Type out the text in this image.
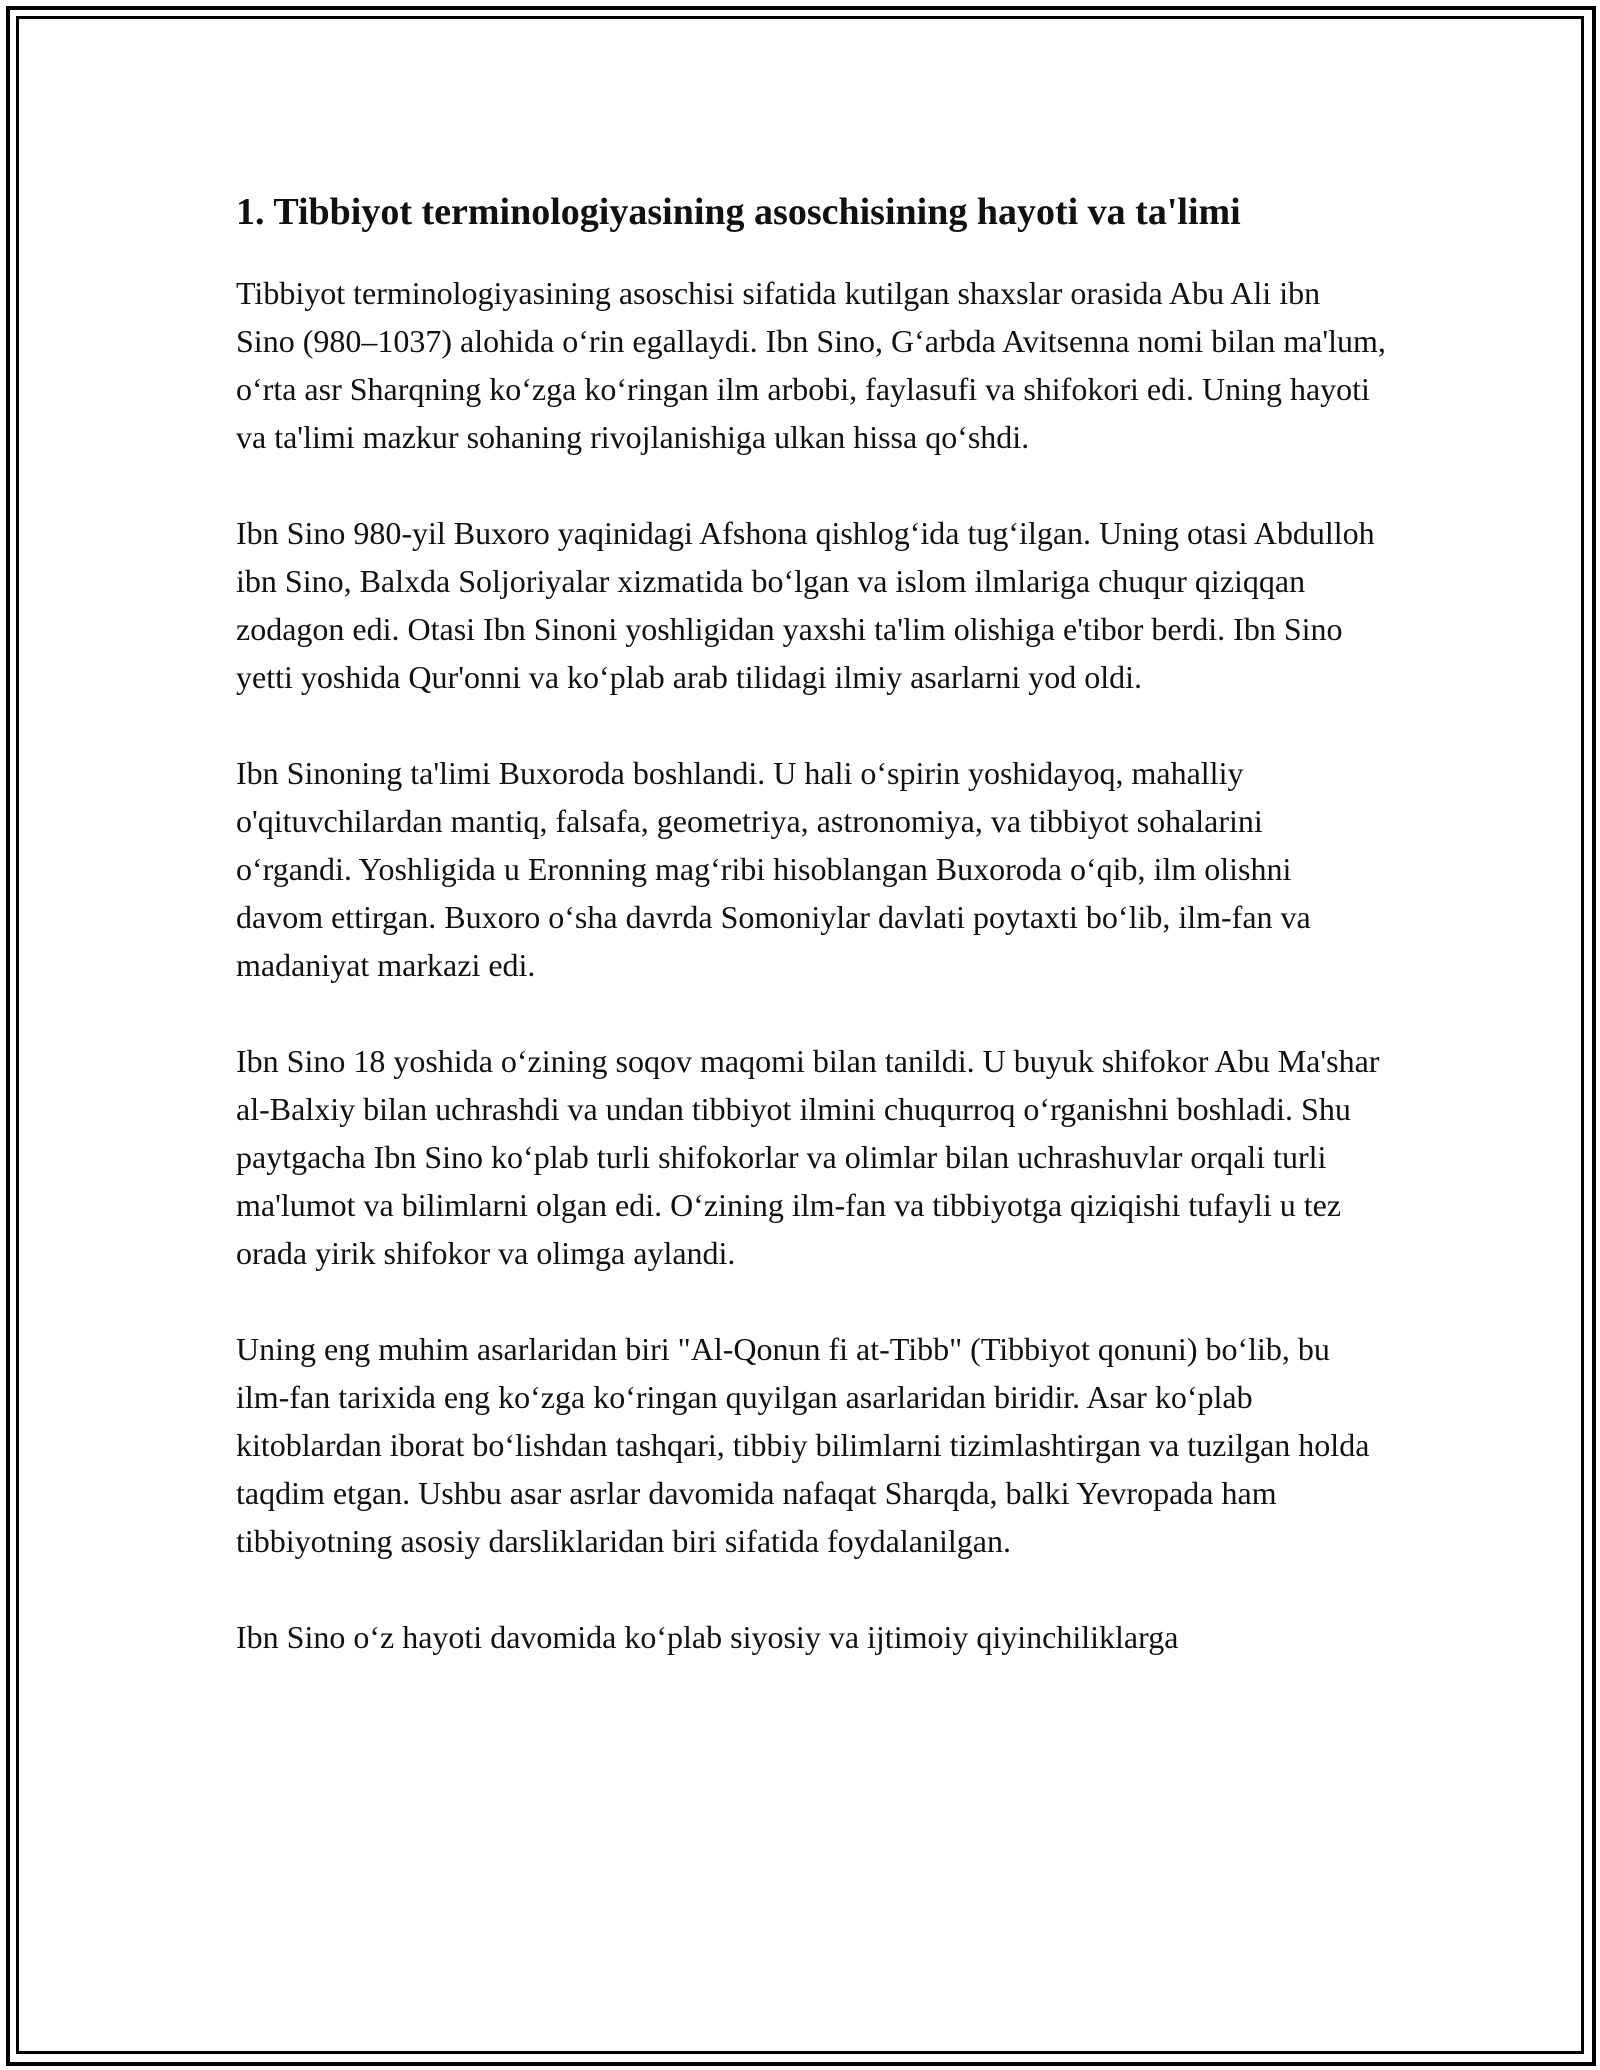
1. Tibbiyot terminologiyasining asoschisining hayoti va ta'limi

Tibbiyot terminologiyasining asoschisi sifatida kutilgan shaxslar orasida Abu Ali ibn Sino (980–1037) alohida o‘rin egallaydi. Ibn Sino, G‘arbda Avitsenna nomi bilan ma'lum, o‘rta asr Sharqning ko‘zga ko‘ringan ilm arbobi, faylasufi va shifokori edi. Uning hayoti va ta'limi mazkur sohaning rivojlanishiga ulkan hissa qo‘shdi.

Ibn Sino 980-yil Buxoro yaqinidagi Afshona qishlog‘ida tug‘ilgan. Uning otasi Abdulloh ibn Sino, Balxda Soljoriyalar xizmatida bo‘lgan va islom ilmlariga chuqur qiziqqan zodagon edi. Otasi Ibn Sinoni yoshligidan yaxshi ta'lim olishiga e'tibor berdi. Ibn Sino yetti yoshida Qur'onni va ko‘plab arab tilidagi ilmiy asarlarni yod oldi.

Ibn Sinoning ta'limi Buxoroda boshlandi. U hali o‘spirin yoshidayoq, mahalliy o'qituvchilardan mantiq, falsafa, geometriya, astronomiya, va tibbiyot sohalarini o‘rgandi. Yoshligida u Eronning mag‘ribi hisoblangan Buxoroda o‘qib, ilm olishni davom ettirgan. Buxoro o‘sha davrda Somoniylar davlati poytaxti bo‘lib, ilm-fan va madaniyat markazi edi.

Ibn Sino 18 yoshida o‘zining soqov maqomi bilan tanildi. U buyuk shifokor Abu Ma'shar al-Balxiy bilan uchrashdi va undan tibbiyot ilmini chuqurroq o‘rganishni boshladi. Shu paytgacha Ibn Sino ko‘plab turli shifokorlar va olimlar bilan uchrashuvlar orqali turli ma'lumot va bilimlarni olgan edi. O‘zining ilm-fan va tibbiyotga qiziqishi tufayli u tez orada yirik shifokor va olimga aylandi.

Uning eng muhim asarlaridan biri "Al-Qonun fi at-Tibb" (Tibbiyot qonuni) bo‘lib, bu ilm-fan tarixida eng ko‘zga ko‘ringan quyilgan asarlaridan biridir. Asar ko‘plab kitoblardan iborat bo‘lishdan tashqari, tibbiy bilimlarni tizimlashtirgan va tuzilgan holda taqdim etgan. Ushbu asar asrlar davomida nafaqat Sharqda, balki Yevropada ham tibbiyotning asosiy darsliklaridan biri sifatida foydalanilgan.

Ibn Sino o‘z hayoti davomida ko‘plab siyosiy va ijtimoiy qiyinchiliklarga
